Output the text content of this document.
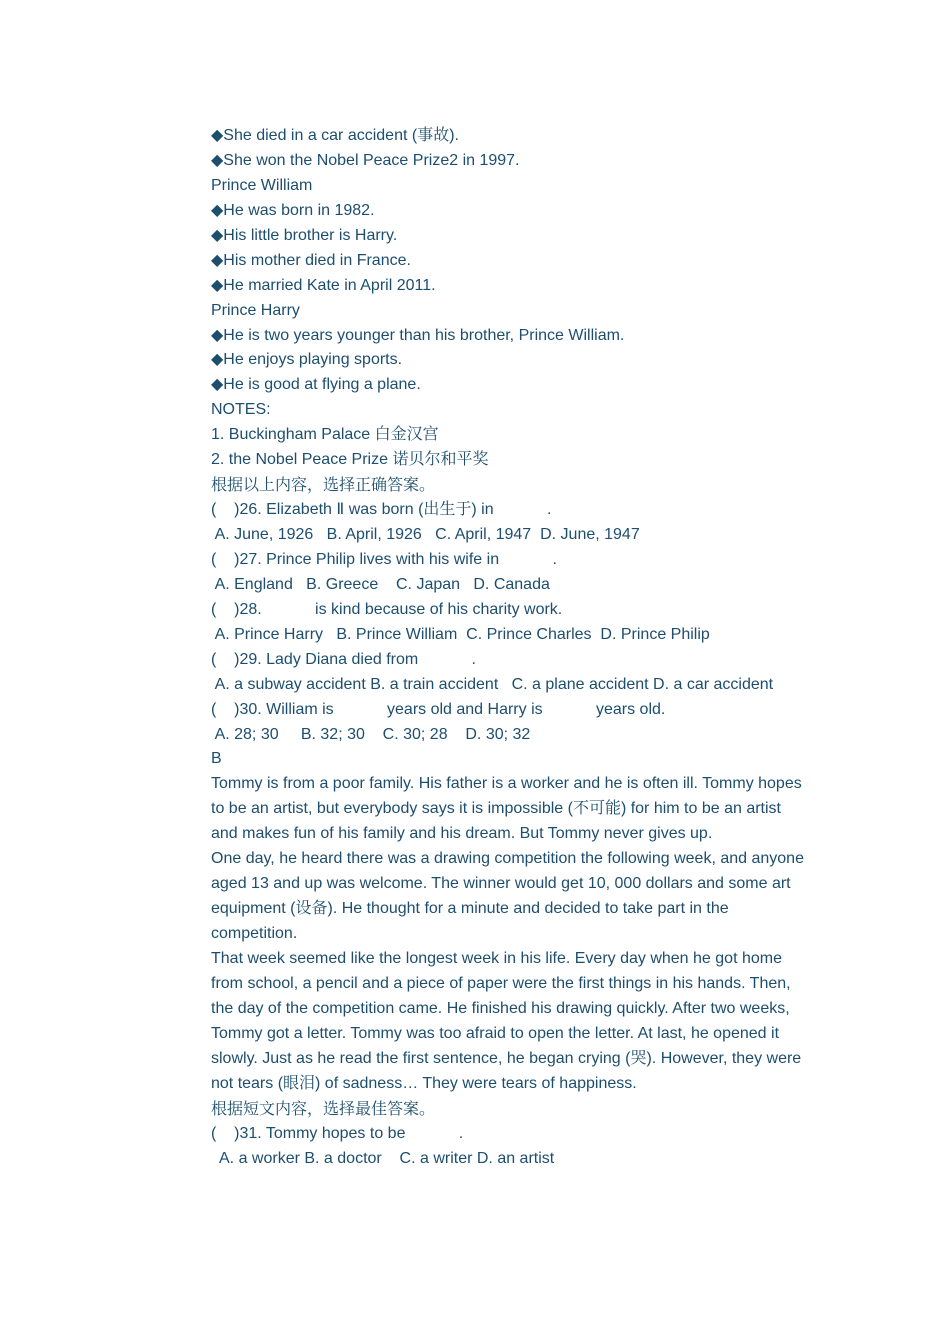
◆She died in a car accident (事故).
◆She won the Nobel Peace Prize2 in 1997.
Prince William
◆He was born in 1982.
◆His little brother is Harry.
◆His mother died in France.
◆He married Kate in April 2011.
Prince Harry
◆He is two years younger than his brother, Prince William.
◆He enjoys playing sports.
◆He is good at flying a plane.
NOTES:
1. Buckingham Palace 白金汉宫
2. the Nobel Peace Prize 诺贝尔和平奖
根据以上内容，选择正确答案。
(    )26. Elizabeth Ⅱ was born (出生于) in            .
A. June, 1926   B. April, 1926   C. April, 1947  D. June, 1947
(    )27. Prince Philip lives with his wife in            .
A. England   B. Greece    C. Japan   D. Canada
(    )28.            is kind because of his charity work.
A. Prince Harry   B. Prince William  C. Prince Charles  D. Prince Philip
(    )29. Lady Diana died from            .
A. a subway accident B. a train accident   C. a plane accident D. a car accident
(    )30. William is            years old and Harry is            years old.
A. 28; 30     B. 32; 30    C. 30; 28    D. 30; 32
B
Tommy is from a poor family. His father is a worker and he is often ill. Tommy hopes to be an artist, but everybody says it is impossible (不可能) for him to be an artist and makes fun of his family and his dream. But Tommy never gives up.
One day, he heard there was a drawing competition the following week, and anyone aged 13 and up was welcome. The winner would get 10, 000 dollars and some art equipment (设备). He thought for a minute and decided to take part in the competition.
That week seemed like the longest week in his life. Every day when he got home from school, a pencil and a piece of paper were the first things in his hands. Then, the day of the competition came. He finished his drawing quickly. After two weeks, Tommy got a letter. Tommy was too afraid to open the letter. At last, he opened it slowly. Just as he read the first sentence, he began crying (哭). However, they were not tears (眼泪) of sadness… They were tears of happiness.
根据短文内容，选择最佳答案。
(    )31. Tommy hopes to be            .
A. a worker B. a doctor    C. a writer D. an artist
